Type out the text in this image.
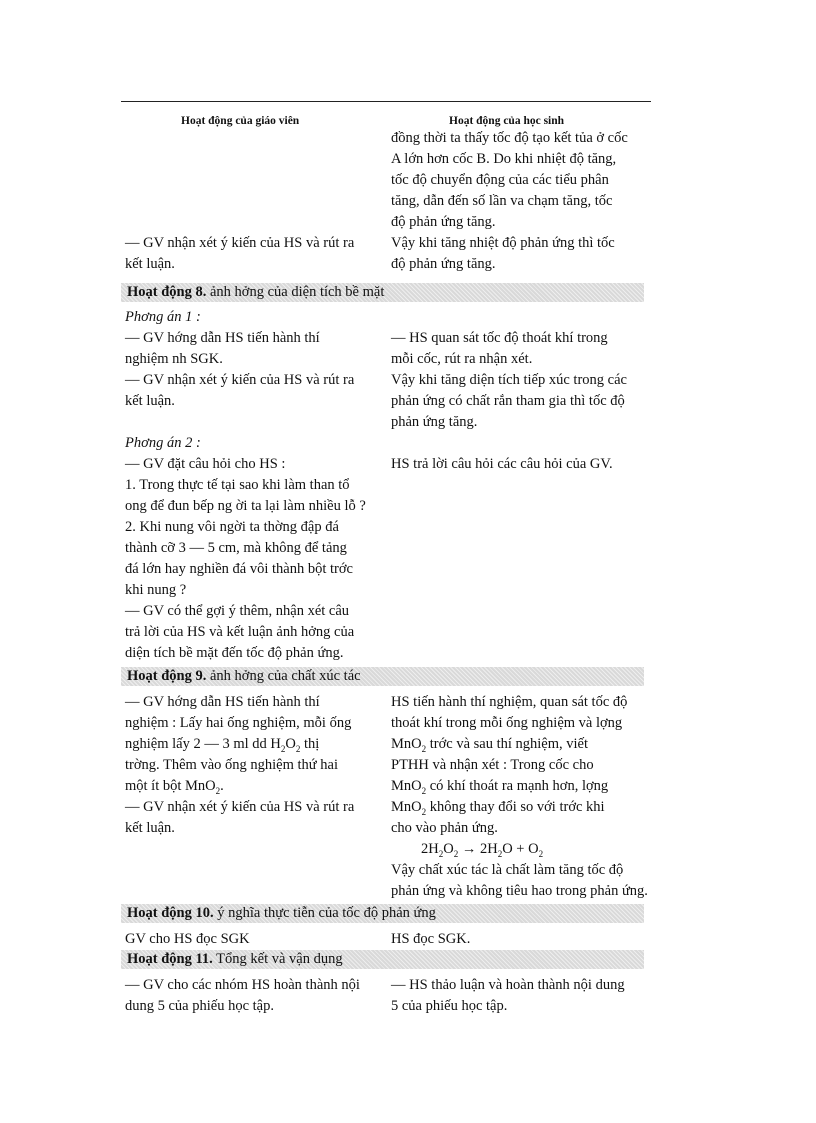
Hoạt động của giáo viên	Hoạt động của học sinh
đồng thời ta thấy tốc độ tạo kết tủa ở cốc
A lớn hơn cốc B. Do khi nhiệt độ tăng,
tốc độ chuyển động của các tiểu phân
tăng, dẫn đến số lần va chạm tăng, tốc
độ phản ứng tăng.
Vậy khi tăng nhiệt độ phản ứng thì tốc
độ phản ứng tăng.
— GV nhận xét ý kiến của HS và rút ra
kết luận.
Hoạt động 8. ảnh hởng của diện tích bề mặt
Phơng án 1 :
— GV hớng dẫn HS tiến hành thí
nghiệm nh SGK.
— GV nhận xét ý kiến của HS và rút ra
kết luận.
— HS quan sát tốc độ thoát khí trong
mỗi cốc, rút ra nhận xét.
Vậy khi tăng diện tích tiếp xúc trong các
phản ứng có chất rắn tham gia thì tốc độ
phản ứng tăng.
Phơng án 2 :
— GV đặt câu hỏi cho HS :
1. Trong thực tế tại sao khi làm than tổ
ong để đun bếp ng ời ta lại làm nhiều lỗ ?
2. Khi nung vôi ngời ta thờng đập đá
thành cỡ 3 — 5 cm, mà không để tảng
đá lớn hay nghiền đá vôi thành bột trớc
khi nung ?
— GV có thể gợi ý thêm, nhận xét câu
trả lời của HS và kết luận ảnh hởng của
diện tích bề mặt đến tốc độ phản ứng.
HS trả lời câu hỏi các câu hỏi của GV.
Hoạt động 9. ảnh hởng của chất xúc tác
— GV hớng dẫn HS tiến hành thí
nghiệm : Lấy hai ống nghiệm, mỗi ống
nghiệm lấy 2 — 3 ml dd $H_2O_2$ thị
trờng. Thêm vào ống nghiệm thứ hai
một ít bột MnO$_2$.
— GV nhận xét ý kiến của HS và rút ra
kết luận.
HS tiến hành thí nghiệm, quan sát tốc độ
thoát khí trong mỗi ống nghiệm và lợng
MnO$_2$ trớc và sau thí nghiệm, viết
PTHH và nhận xét : Trong cốc cho
MnO$_2$ có khí thoát ra mạnh hơn, lợng
MnO$_2$ không thay đổi so với trớc khi
cho vào phản ứng.
$2H_2O_2 \to 2H_2O + O_2$
Vậy chất xúc tác là chất làm tăng tốc độ
phản ứng và không tiêu hao trong phản ứng.
Hoạt động 10. ý nghĩa thực tiễn của tốc độ phản ứng
GV cho HS đọc SGK	HS đọc SGK.
Hoạt động 11. Tổng kết và vận dụng
— GV cho các nhóm HS hoàn thành nội
dung 5 của phiếu học tập.
— HS thảo luận và hoàn thành nội dung
5 của phiếu học tập.
